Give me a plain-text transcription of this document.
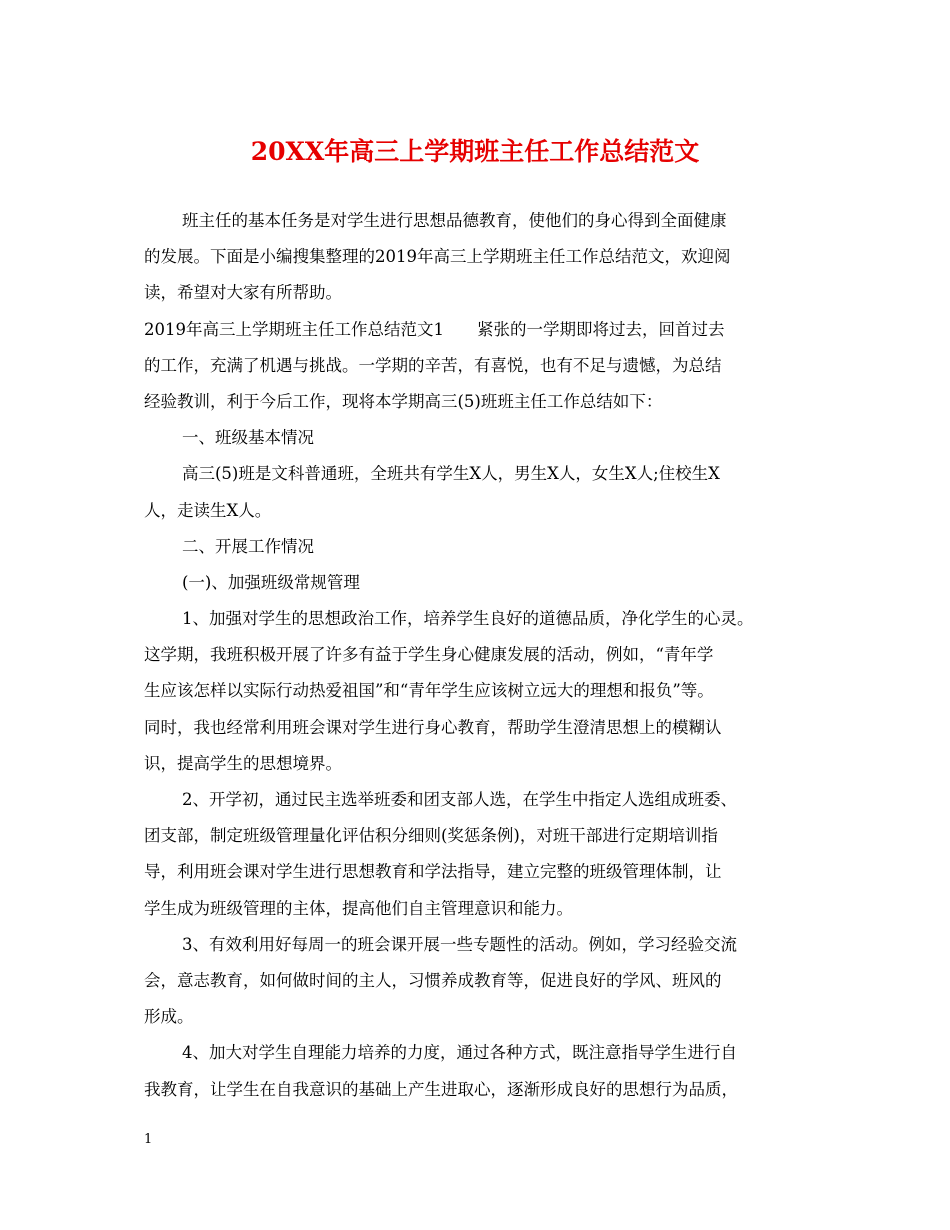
20XX年高三上学期班主任工作总结范文
班主任的基本任务是对学生进行思想品德教育，使他们的身心得到全面健康
的发展。下面是小编搜集整理的2019年高三上学期班主任工作总结范文，欢迎阅
读，希望对大家有所帮助。
2019年高三上学期班主任工作总结范文1　　紧张的一学期即将过去，回首过去
的工作，充满了机遇与挑战。一学期的辛苦，有喜悦，也有不足与遗憾，为总结
经验教训，利于今后工作，现将本学期高三(5)班班主任工作总结如下：
一、班级基本情况
高三(5)班是文科普通班，全班共有学生X人，男生X人，女生X人;住校生X
人，走读生X人。
二、开展工作情况
(一)、加强班级常规管理
1、加强对学生的思想政治工作，培养学生良好的道德品质，净化学生的心灵。
这学期，我班积极开展了许多有益于学生身心健康发展的活动，例如，“青年学
生应该怎样以实际行动热爱祖国”和“青年学生应该树立远大的理想和报负”等。
同时，我也经常利用班会课对学生进行身心教育，帮助学生澄清思想上的模糊认
识，提高学生的思想境界。
2、开学初，通过民主选举班委和团支部人选，在学生中指定人选组成班委、
团支部，制定班级管理量化评估积分细则(奖惩条例)，对班干部进行定期培训指
导，利用班会课对学生进行思想教育和学法指导，建立完整的班级管理体制，让
学生成为班级管理的主体，提高他们自主管理意识和能力。
3、有效利用好每周一的班会课开展一些专题性的活动。例如，学习经验交流
会，意志教育，如何做时间的主人，习惯养成教育等，促进良好的学风、班风的
形成。
4、加大对学生自理能力培养的力度，通过各种方式，既注意指导学生进行自
我教育，让学生在自我意识的基础上产生进取心，逐渐形成良好的思想行为品质，
1
